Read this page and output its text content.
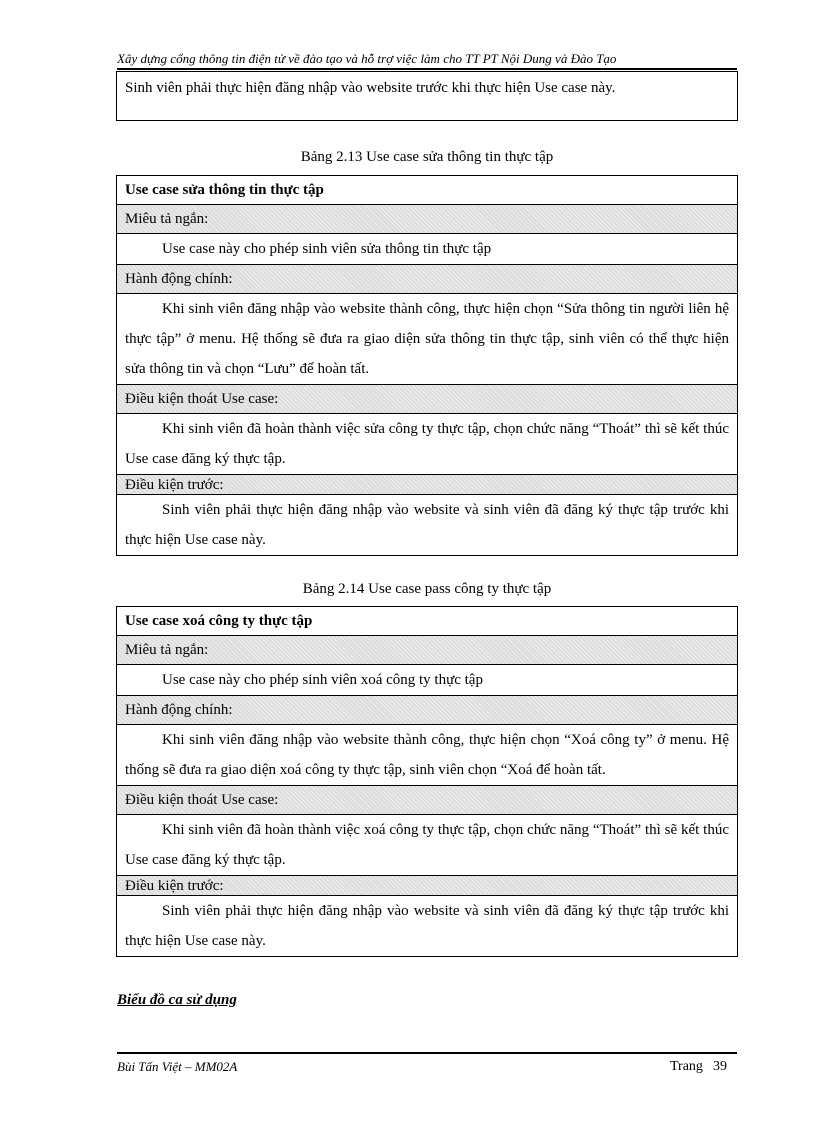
Xây dựng cổng thông tin điện tử về đào tạo và hỗ trợ việc làm cho TT PT Nội Dung và Đào Tạo
Sinh viên phải thực hiện đăng nhập vào website trước khi thực hiện Use case này.
Bảng 2.13 Use case sửa thông tin thực tập
Use case sửa thông tin thực tập
Miêu tả ngắn:
Use case này cho phép sinh viên sửa thông tin thực tập
Hành động chính:
Khi sinh viên đăng nhập vào website thành công, thực hiện chọn “Sửa thông tin người liên hệ thực tập” ở menu. Hệ thống sẽ đưa ra giao diện sửa thông tin thực tập, sinh viên có thể thực hiện sửa thông tin và chọn “Lưu” để hoàn tất.
Điều kiện thoát Use case:
Khi sinh viên đã hoàn thành việc sửa công ty thực tập, chọn chức năng “Thoát” thì sẽ kết thúc Use case đăng ký thực tập.
Điều kiện trước:
Sinh viên phải thực hiện đăng nhập vào website và sinh viên đã đăng ký thực tập trước khi thực hiện Use case này.
Bảng 2.14 Use case pass công ty thực tập
Use case xoá công ty thực tập
Miêu tả ngắn:
Use case này cho phép sinh viên xoá công ty thực tập
Hành động chính:
Khi sinh viên đăng nhập vào website thành công, thực hiện chọn “Xoá công ty” ở menu. Hệ thống sẽ đưa ra giao diện xoá công ty thực tập, sinh viên chọn “Xoá để hoàn tất.
Điều kiện thoát Use case:
Khi sinh viên đã hoàn thành việc xoá công ty thực tập, chọn chức năng “Thoát” thì sẽ kết thúc Use case đăng ký thực tập.
Điều kiện trước:
Sinh viên phải thực hiện đăng nhập vào website và sinh viên đã đăng ký thực tập trước khi thực hiện Use case này.
Biểu đồ ca sử dụng
Bùi Tấn Việt – MM02A	Trang 39
